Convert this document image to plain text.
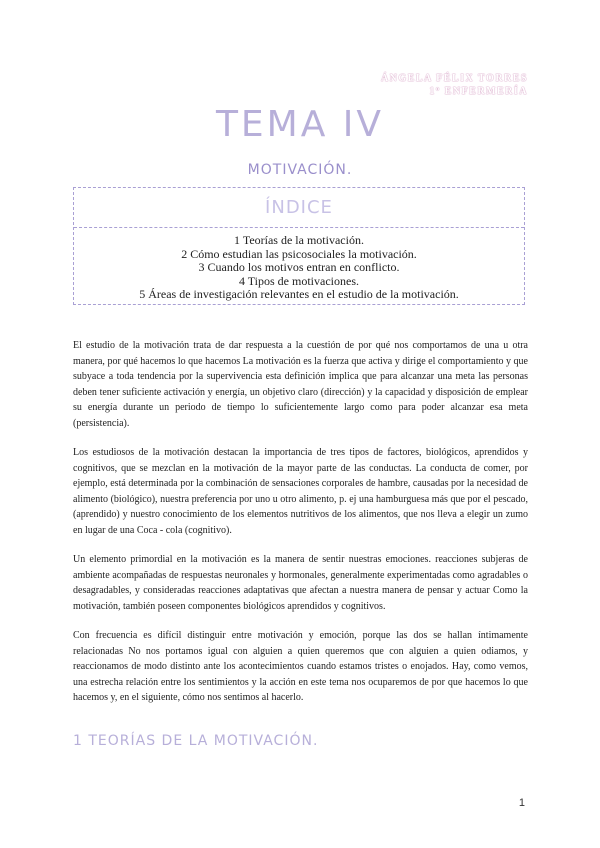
ÁNGELA FÉLIX TORRES
1º ENFERMERÍA
TEMA IV
MOTIVACIÓN.
ÍNDICE
1 Teorías de la motivación.
2 Cómo estudian las psicosociales la motivación.
3 Cuando los motivos entran en conflicto.
4 Tipos de motivaciones.
5 Áreas de investigación relevantes en el estudio de la motivación.

El estudio de la motivación trata de dar respuesta a la cuestión de por qué nos comportamos de una u otra manera, por qué hacemos lo que hacemos La motivación es la fuerza que activa y dirige el comportamiento y que subyace a toda tendencia por la supervivencia esta definición implica que para alcanzar una meta las personas deben tener suficiente activación y energía, un objetivo claro (dirección) y la capacidad y disposición de emplear su energía durante un periodo de tiempo lo suficientemente largo como para poder alcanzar esa meta (persistencia).

Los estudiosos de la motivación destacan la importancia de tres tipos de factores, biológicos, aprendidos y cognitivos, que se mezclan en la motivación de la mayor parte de las conductas. La conducta de comer, por ejemplo, está determinada por la combinación de sensaciones corporales de hambre, causadas por la necesidad de alimento (biológico), nuestra preferencia por uno u otro alimento, p. ej una hamburguesa más que por el pescado, (aprendido) y nuestro conocimiento de los elementos nutritivos de los alimentos, que nos lleva a elegir un zumo en lugar de una Coca - cola (cognitivo).

Un elemento primordial en la motivación es la manera de sentir nuestras emociones. reacciones subjeras de ambiente acompañadas de respuestas neuronales y hormonales, generalmente experimentadas como agradables o desagradables, y consideradas reacciones adaptativas que afectan a nuestra manera de pensar y actuar Como la motivación, también poseen componentes biológicos aprendidos y cognitivos.

Con frecuencia es difícil distinguir entre motivación y emoción, porque las dos se hallan íntimamente relacionadas No nos portamos igual con alguien a quien queremos que con alguien a quien odiamos, y reaccionamos de modo distinto ante los acontecimientos cuando estamos tristes o enojados. Hay, como vemos, una estrecha relación entre los sentimientos y la acción en este tema nos ocuparemos de por que hacemos lo que hacemos y, en el siguiente, cómo nos sentimos al hacerlo.

1 TEORÍAS DE LA MOTIVACIÓN.
1
